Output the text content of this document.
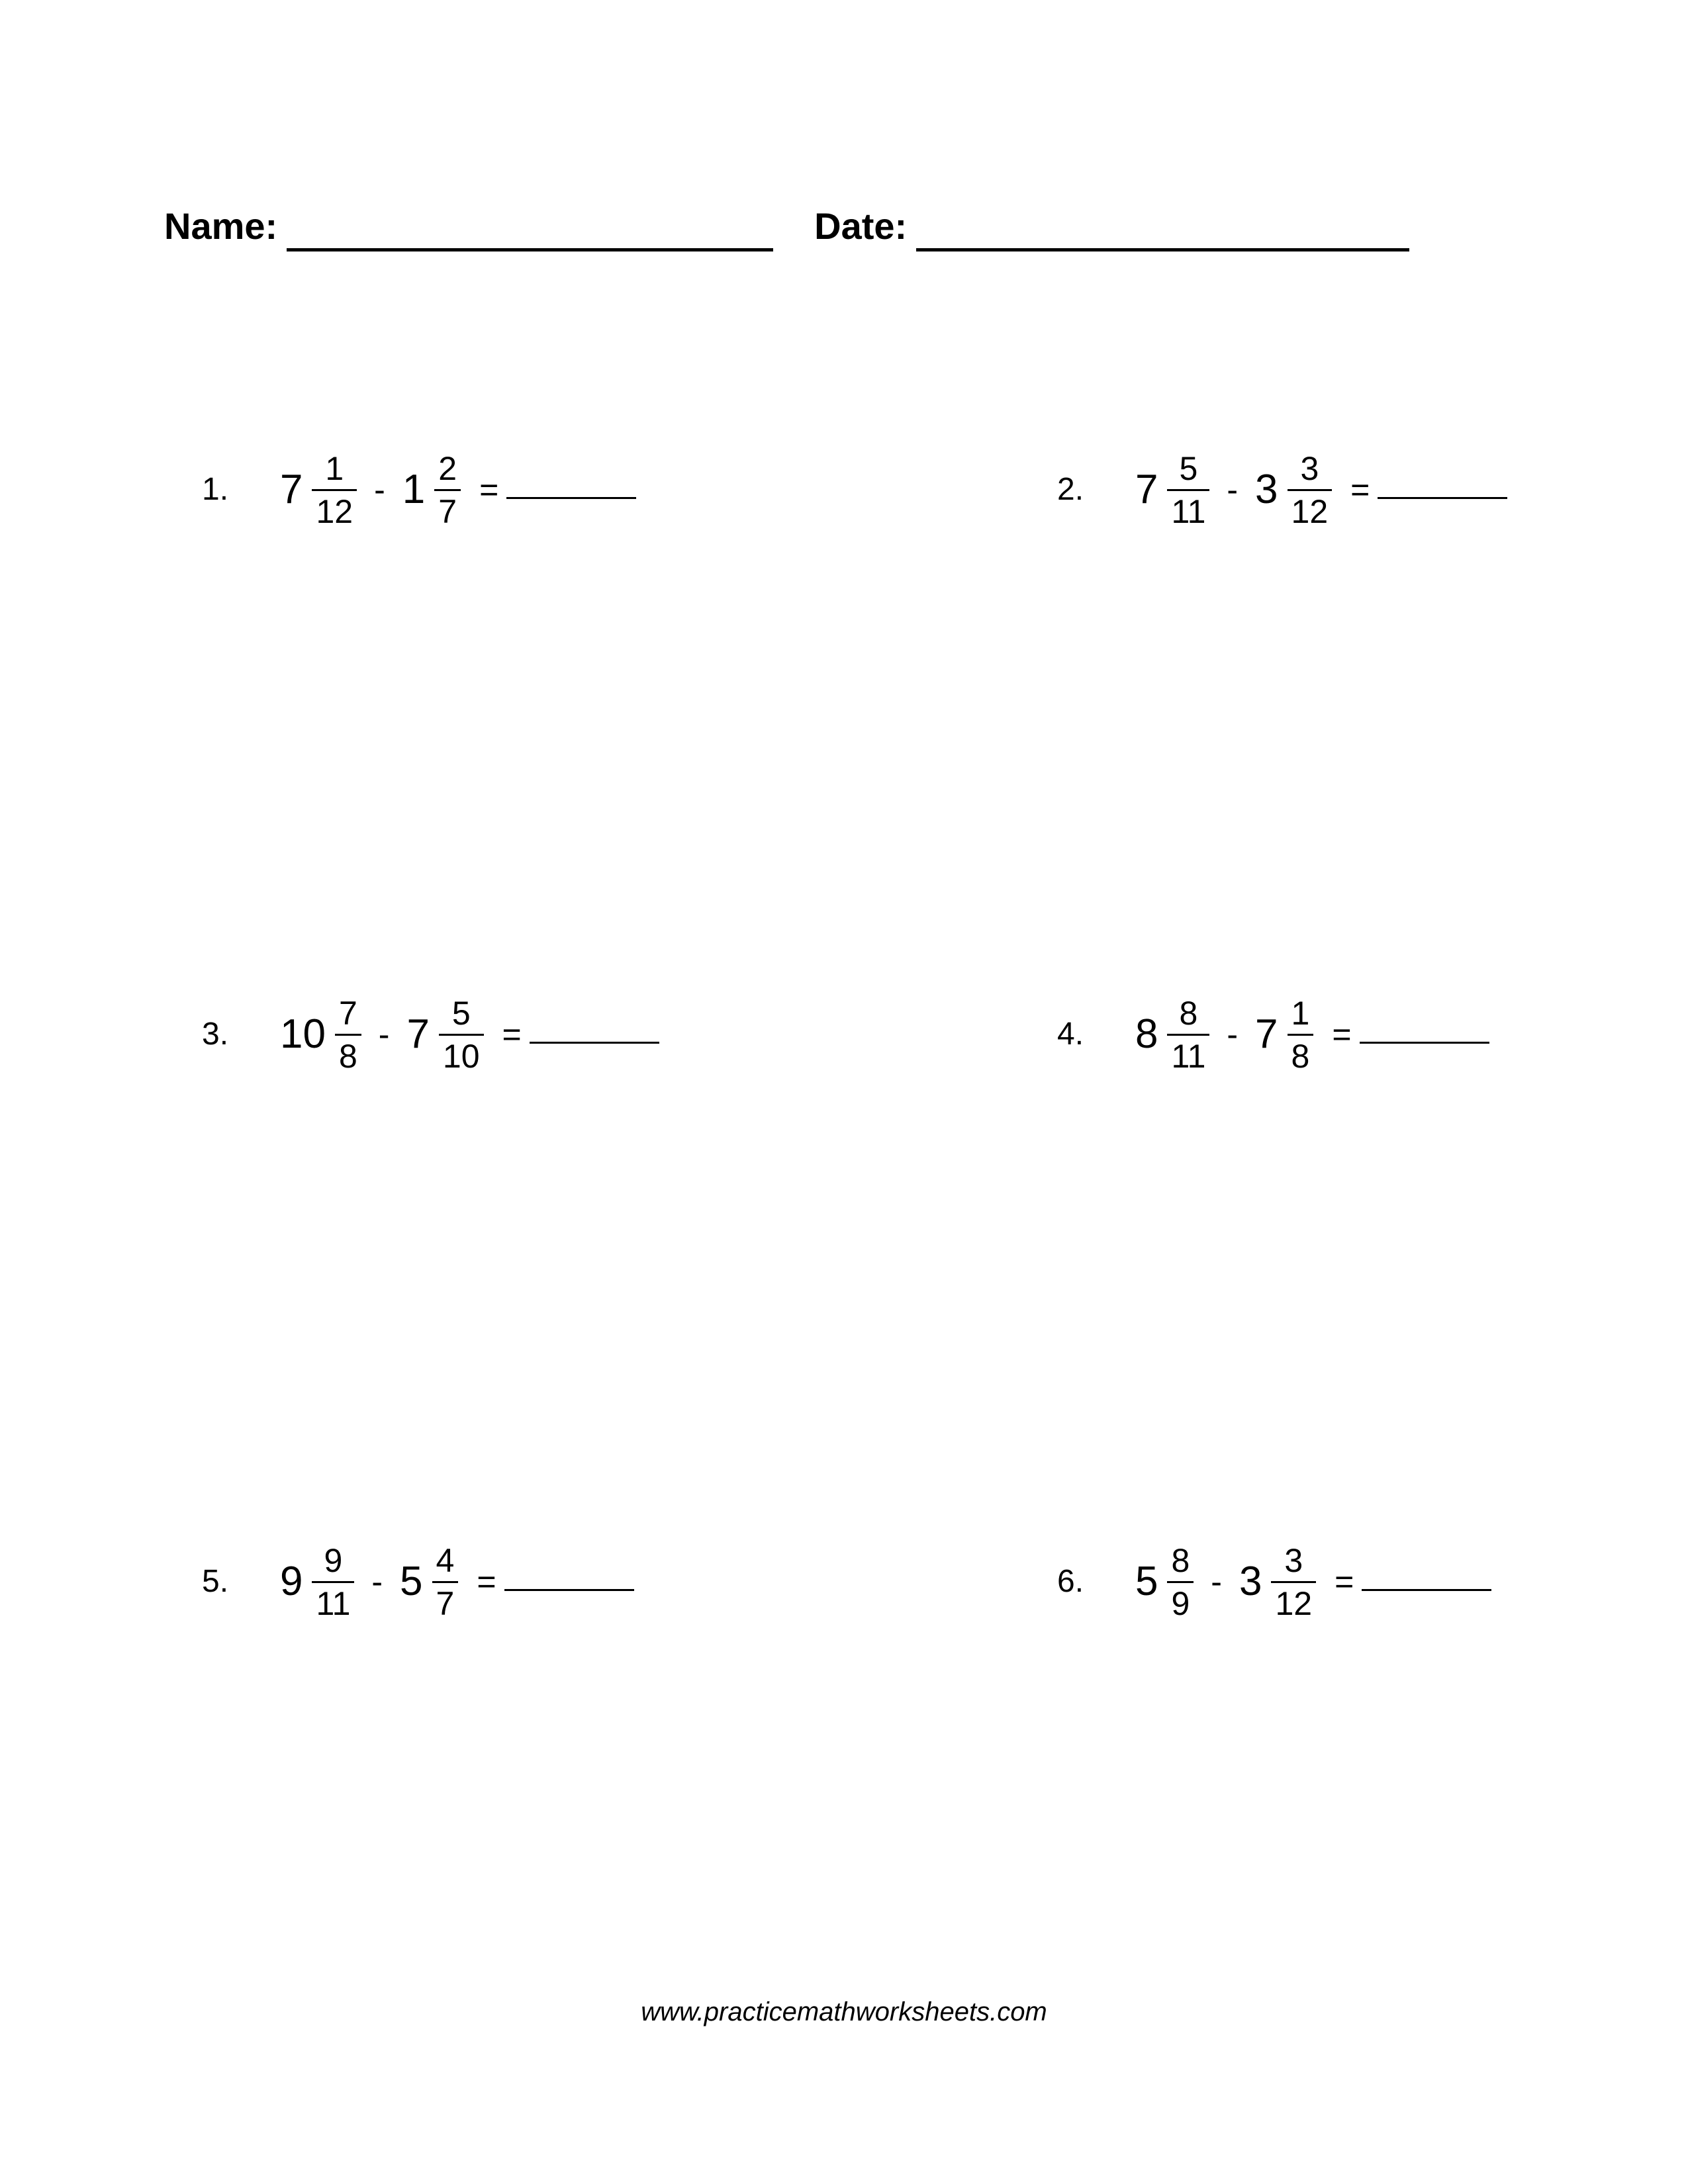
Name:	Date:
1.	$7 \frac{1}{12} - 1 \frac{2}{7}$ =	2.	$7 \frac{5}{11} - 3 \frac{3}{12}$ =
3.	$10 \frac{7}{8} - 7 \frac{5}{10}$ =	4.	$8 \frac{8}{11} - 7 \frac{1}{8}$ =
5.	$9 \frac{9}{11} - 5 \frac{4}{7}$ =	6.	$5 \frac{8}{9} - 3 \frac{3}{12}$ =
www.practicemathworksheets.com
